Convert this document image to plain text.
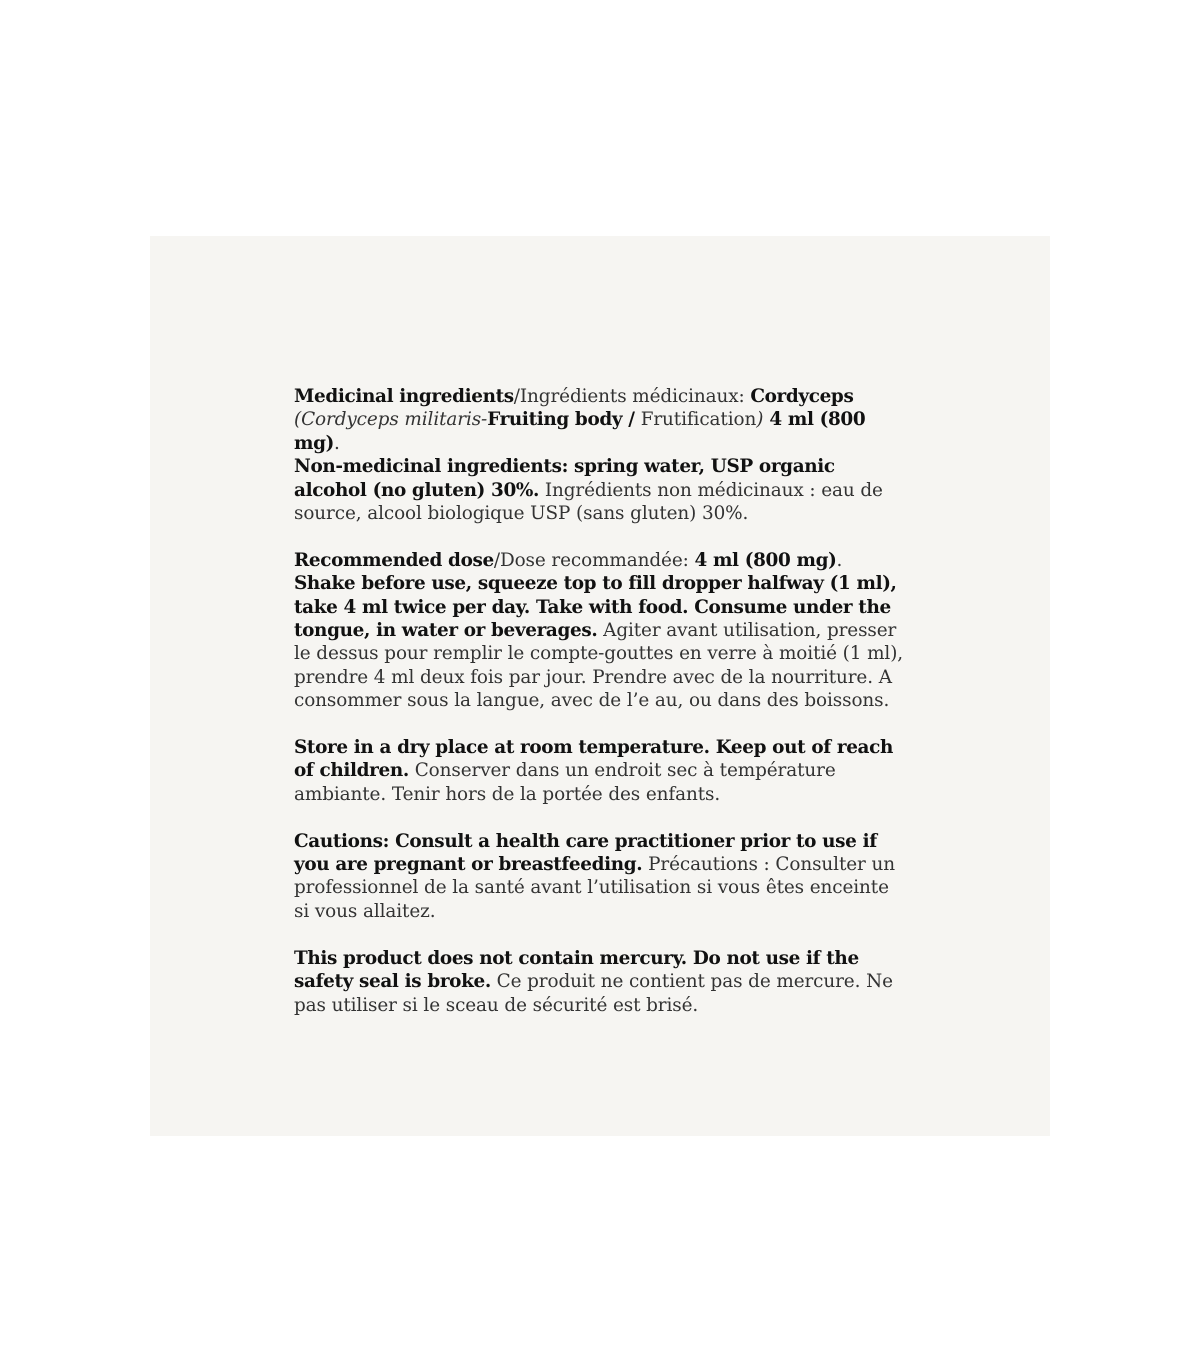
Medicinal ingredients/Ingrédients médicinaux: Cordyceps
(Cordyceps militaris-Fruiting body / Frutification) 4 ml (800 mg).
Non-medicinal ingredients: spring water, USP organic alcohol (no gluten) 30%. Ingrédients non médicinaux : eau de source, alcool biologique USP (sans gluten) 30%.

Recommended dose/Dose recommandée: 4 ml (800 mg). Shake before use, squeeze top to fill dropper halfway (1 ml), take 4 ml twice per day. Take with food. Consume under the tongue, in water or beverages. Agiter avant utilisation, presser le dessus pour remplir le compte-gouttes en verre à moitié (1 ml), prendre 4 ml deux fois par jour. Prendre avec de la nourriture. A consommer sous la langue, avec de l’e au, ou dans des boissons.

Store in a dry place at room temperature. Keep out of reach of children. Conserver dans un endroit sec à température ambiante. Tenir hors de la portée des enfants.

Cautions: Consult a health care practitioner prior to use if you are pregnant or breastfeeding. Précautions : Consulter un professionnel de la santé avant l’utilisation si vous êtes enceinte si vous allaitez.

This product does not contain mercury. Do not use if the safety seal is broke. Ce produit ne contient pas de mercure. Ne pas utiliser si le sceau de sécurité est brisé.
